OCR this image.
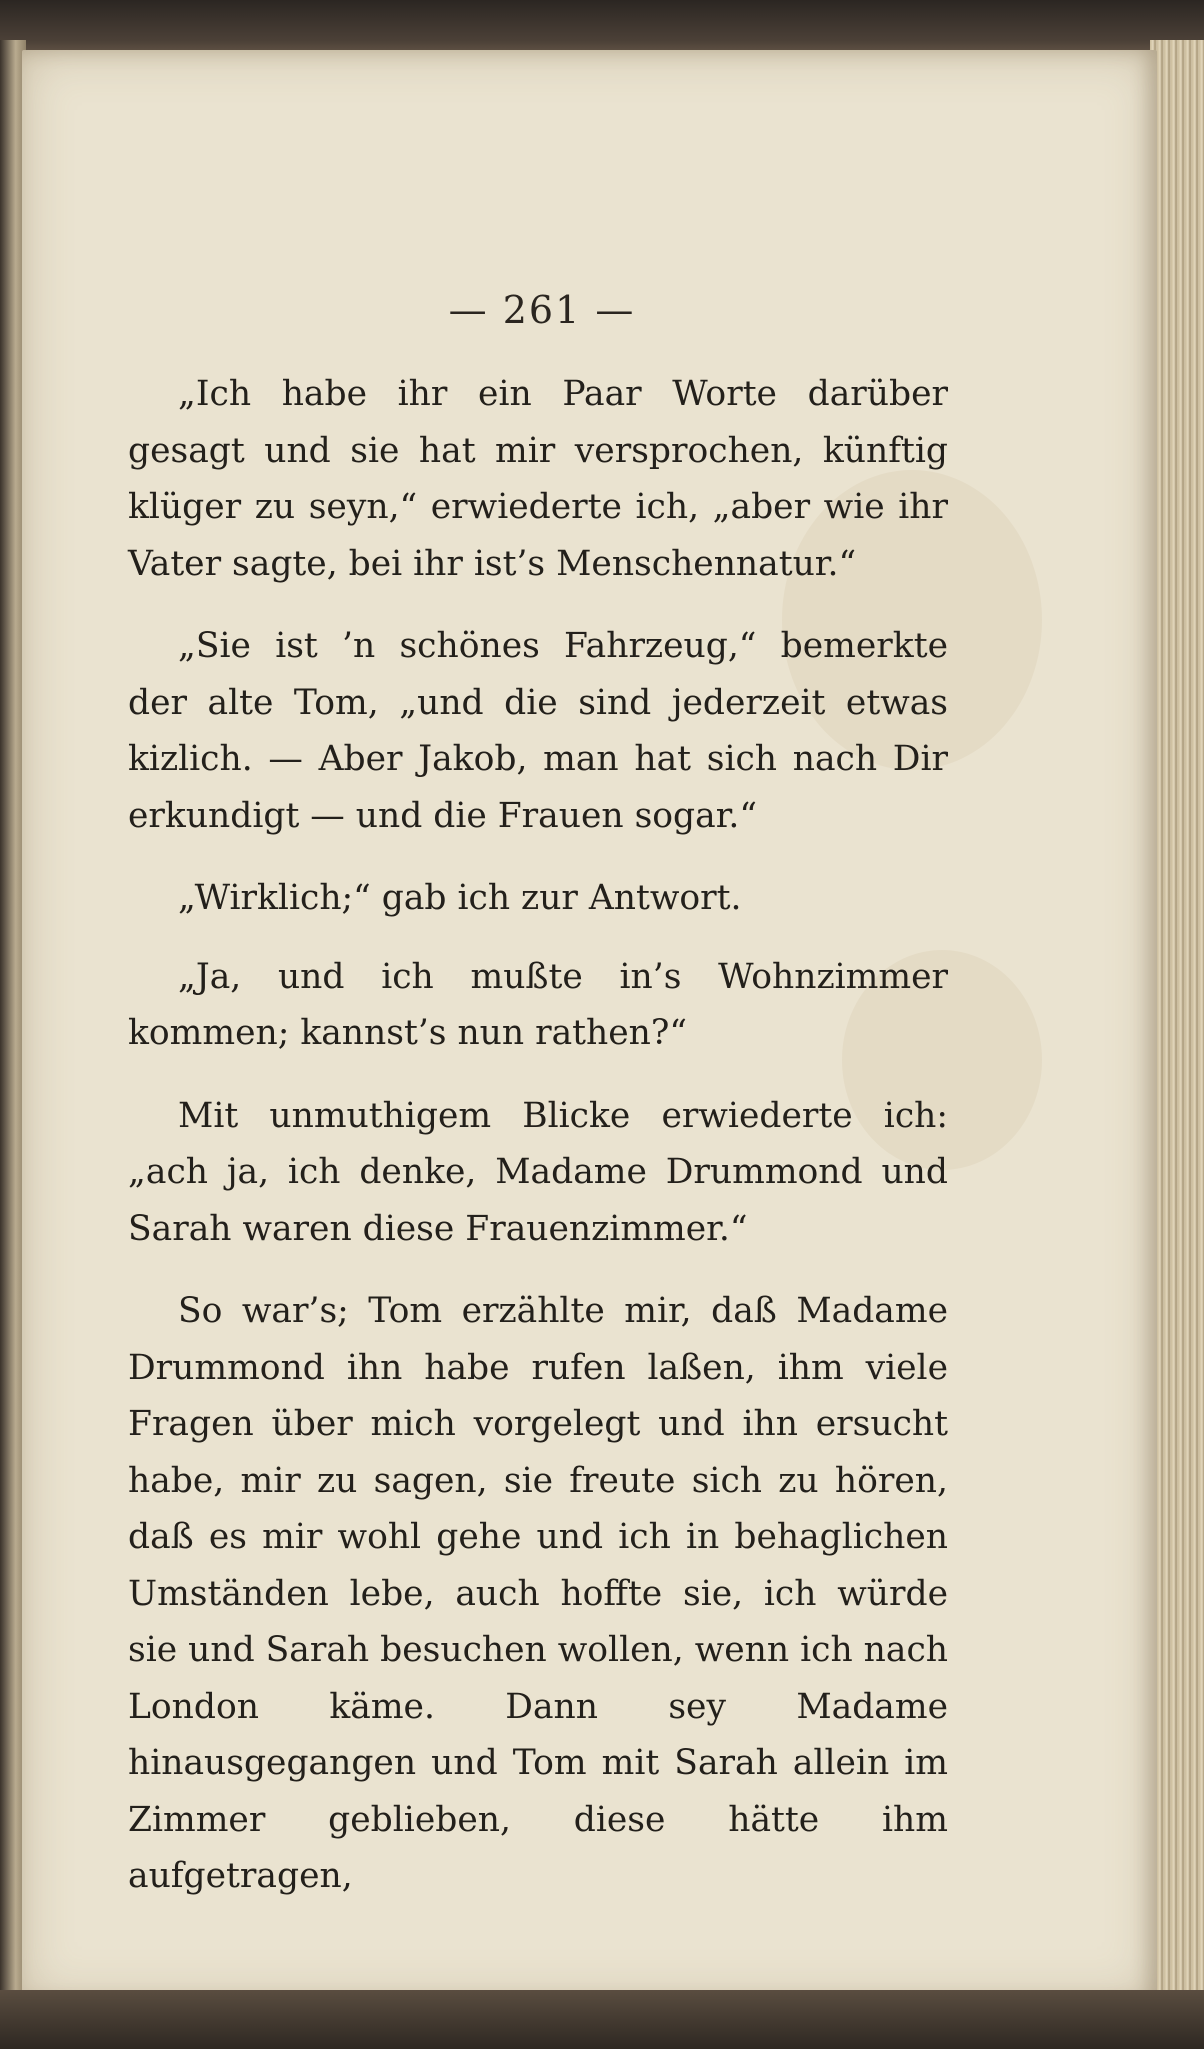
— 261 —

„Ich habe ihr ein Paar Worte darüber gesagt und sie hat mir versprochen, künftig klüger zu seyn,“ erwiederte ich, „aber wie ihr Vater sagte, bei ihr ist’s Menschennatur.“

„Sie ist ’n schönes Fahrzeug,“ bemerkte der alte Tom, „und die sind jederzeit etwas kizlich. — Aber Jakob, man hat sich nach Dir erkundigt — und die Frauen sogar.“

„Wirklich;“ gab ich zur Antwort.

„Ja, und ich mußte in’s Wohnzimmer kommen; kannst’s nun rathen?“

Mit unmuthigem Blicke erwiederte ich: „ach ja, ich denke, Madame Drummond und Sarah waren diese Frauenzimmer.“

So war’s; Tom erzählte mir, daß Madame Drummond ihn habe rufen laßen, ihm viele Fragen über mich vorgelegt und ihn ersucht habe, mir zu sagen, sie freute sich zu hören, daß es mir wohl gehe und ich in behaglichen Umständen lebe, auch hoffte sie, ich würde sie und Sarah besuchen wollen, wenn ich nach London käme. Dann sey Madame hinausgegangen und Tom mit Sarah allein im Zimmer geblieben, diese hätte ihm aufgetragen,
